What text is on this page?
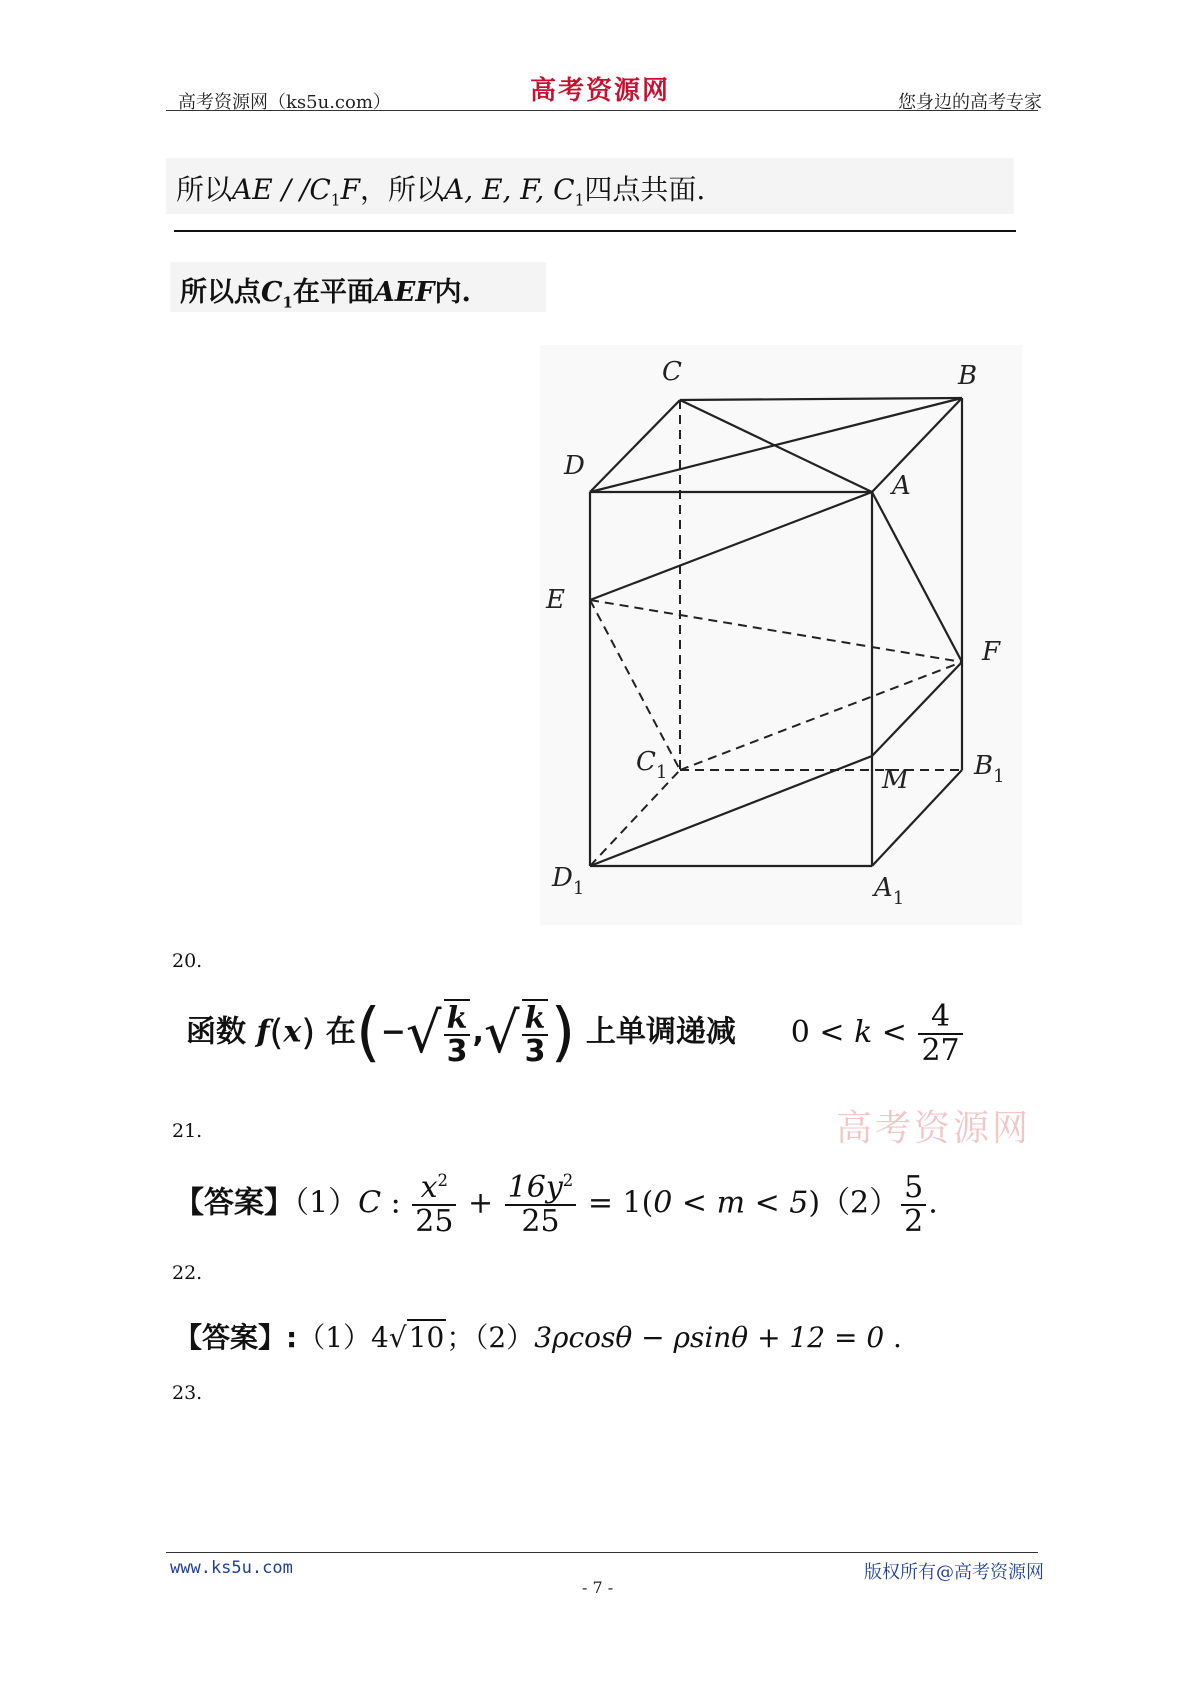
高考资源网（ks5u.com）	高考资源网	您身边的高考专家
所以AE / $/C_1F$，所以A, E, F, $C_1$四点共面.
所以点$C_1$在平面AEF内.
C	B
D
A
E
F
$C_1$	$B_1$
M
$D_1$	$A_1$
20.
函数 f(x) 在(−√ $\frac{k}{3}$ ,√ $\frac{k}{3}$ ) 上单调递减 $0 < k < \frac{4}{27}$
高考资源网
21.
【答案】（1）C : $\frac{x^2}{25} + \frac{16y^2}{25} = 1(0 < m < 5)(2) \frac{5}{2}$ .
22.
【答案】:（1）4√10；（2）3ρcosθ − ρsinθ + 12 = 0 .
23.
www.ks5u.com	版权所有@高考资源网
- 7 -
